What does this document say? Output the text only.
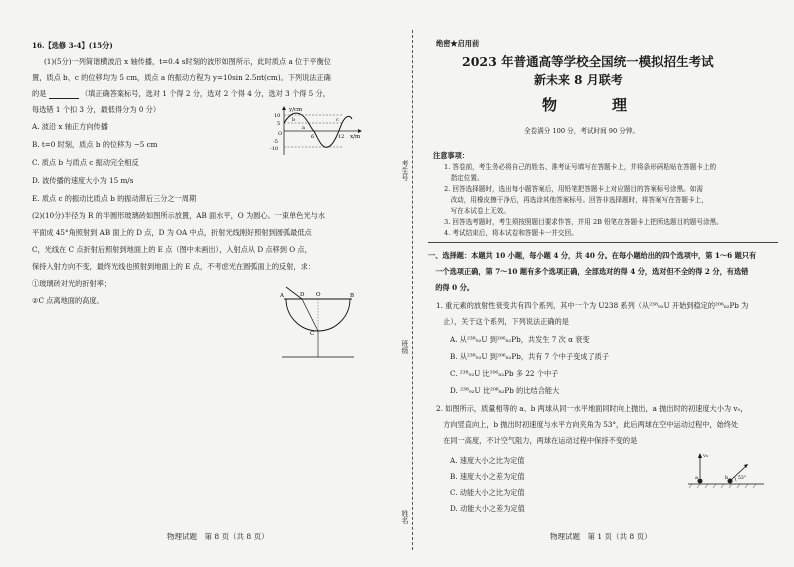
16.【选修 3-4】(15分)
(1)(5分)一列简谐横波沿 x 轴传播，t=0.4 s时刻的波形如图所示，此时质点 a 位于平衡位
置，质点 b、c 的位移均为 5 cm，质点 a 的振动方程为 y=10sin 2.5πt(cm)。下列说法正确
的是	（填正确答案标号，选对 1 个得 2 分，选对 2 个得 4 分，选对 3 个得 5 分，
每选错 1 个扣 3 分，最低得分为 0 分）
A. 波沿 x 轴正方向传播
B. t=0 时刻，质点 b 的位移为 −5 cm
C. 质点 b 与质点 c 振动完全相反
D. 波传播的速度大小为 15 m/s
E. 质点 c 的振动比质点 b 的振动滞后三分之一周期
y/cm
x/m
10
5
O
-5
-10
6	12
a
b	c
(2)(10分)半径为 R 的半圆形玻璃砖如图所示放置，AB 面水平，O 为圆心。一束单色光与水
平面成 45°角照射到 AB 面上的 D 点，D 为 OA 中点，折射光线刚好照射到圆弧最低点
C，光线在 C 点折射后照射到地面上的 E 点（图中未画出），入射点从 D 点移到 O 点，
保持入射方向不变，最终光线也照射到地面上的 E 点，不考虑光在圆弧面上的反射，求：
①玻璃砖对光的折射率；
②C 点离地面的高度。	A	D O	B
C
物理试题　第 8 页（共 8 页）
考生号
班级
姓名
绝密★启用前
2023 年普通高等学校全国统一模拟招生考试
新未来 8 月联考
物　理
全卷满分 100 分，考试时间 90 分钟。
注意事项：
1. 答卷前，考生务必将自己的姓名、准考证号填写在答题卡上，并将条形码粘贴在答题卡上的
　指定位置。
2. 回答选择题时，选出每小题答案后，用铅笔把答题卡上对应题目的答案标号涂黑。如需
　改动，用橡皮擦干净后，再选涂其他答案标号。回答非选择题时，将答案写在答题卡上，
　写在本试卷上无效。
3. 回答选考题时，考生须按照题目要求作答，并用 2B 铅笔在答题卡上把所选题目的题号涂黑。
4. 考试结束后，将本试卷和答题卡一并交回。
一、选择题：本题共 10 小题，每小题 4 分，共 40 分。在每小题给出的四个选项中，第 1～6 题只有
　一个选项正确，第 7～10 题有多个选项正确，全部选对的得 4 分，选对但不全的得 2 分，有选错
　的得 0 分。
1. 重元素的放射性衰变共有四个系列，其中一个为 U238 系列（从²³⁸₉₂U 开始到稳定的²⁰⁶₈₂Pb 为
　止），关于这个系列，下列说法正确的是
A. 从²³⁸₉₂U 到²⁰⁶₈₂Pb，共发生 7 次 α 衰变
B. 从²³⁸₉₂U 到²⁰⁶₈₂Pb，共有 7 个中子变成了质子
C. ²³⁸₉₂U 比²⁰⁶₈₂Pb 多 22 个中子
D. ²³⁸₉₂U 比²⁰⁶₈₂Pb 的比结合能大
2. 如图所示，质量相等的 a、b 两球从同一水平地面同时向上抛出，a 抛出时的初速度大小为 v₀，
　方向竖直向上，b 抛出时初速度与水平方向夹角为 53°，此后两球在空中运动过程中，始终处
　在同一高度，不计空气阻力，两球在运动过程中保持不变的是
A. 速度大小之比为定值
B. 速度大小之差为定值
C. 动能大小之比为定值
D. 动能大小之差为定值
a	b
v₀
53°
物理试题　第 1 页（共 8 页）
